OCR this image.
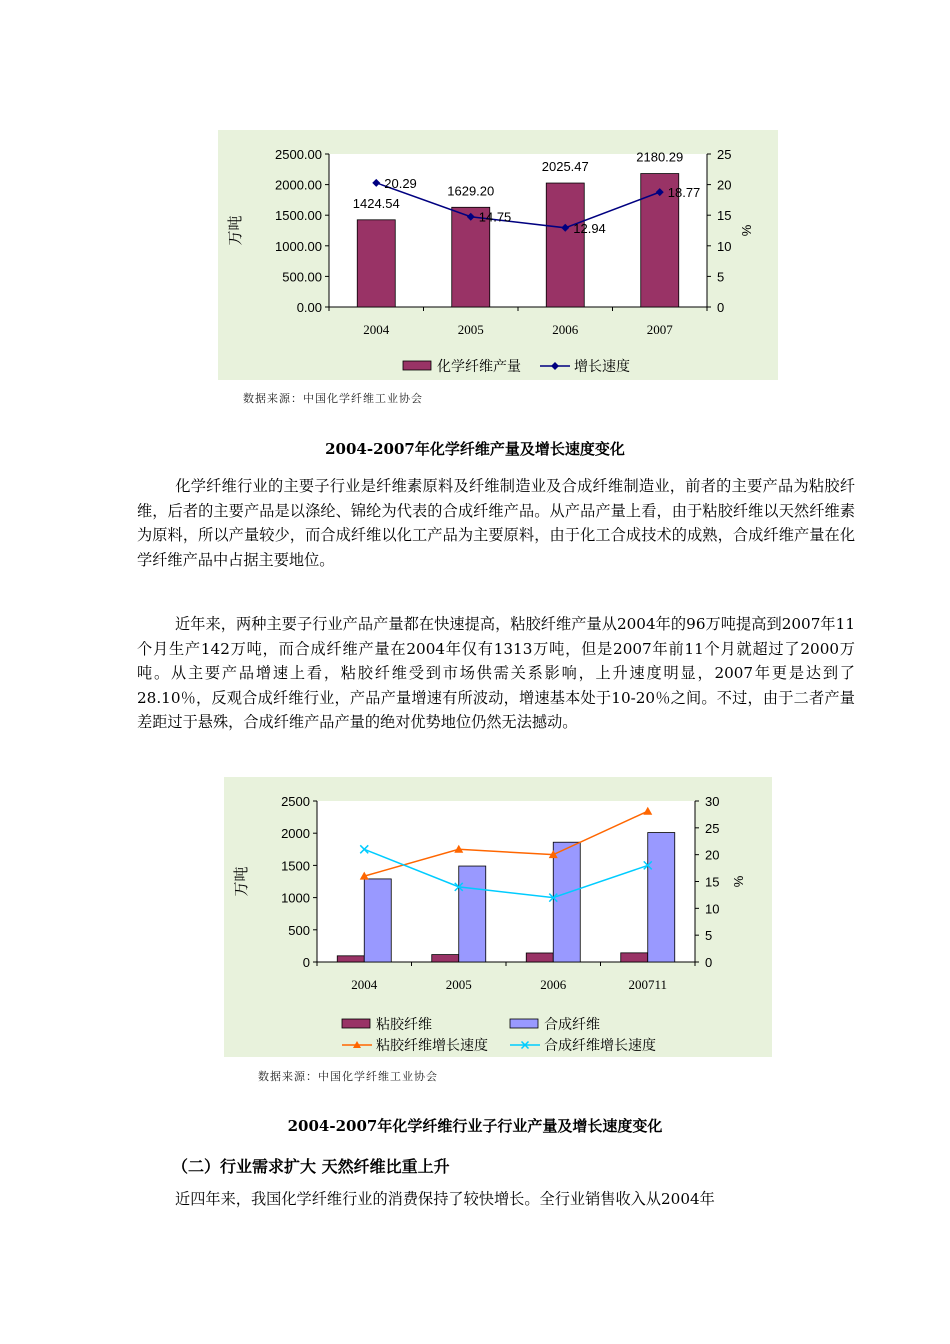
0.00
500.00
1000.00
1500.00
2000.00
2500.00
0
5
10
15
20
25
2004	2005	2006	2007
万吨	%
1424.54
1629.20
2025.47
2180.29
20.29
14.75
12.94
18.77
化学纤维产量	增长速度
数据来源：中国化学纤维工业协会
2004-2007年化学纤维产量及增长速度变化

化学纤维行业的主要子行业是纤维素原料及纤维制造业及合成纤维制造业，前者的主要产品为粘胶纤维，后者的主要产品是以涤纶、锦纶为代表的合成纤维产品。从产品产量上看，由于粘胶纤维以天然纤维素为原料，所以产量较少，而合成纤维以化工产品为主要原料，由于化工合成技术的成熟，合成纤维产量在化学纤维产品中占据主要地位。

近年来，两种主要子行业产品产量都在快速提高，粘胶纤维产量从2004年的96万吨提高到2007年11个月生产142万吨，而合成纤维产量在2004年仅有1313万吨，但是2007年前11个月就超过了2000万吨。从主要产品增速上看，粘胶纤维受到市场供需关系影响，上升速度明显，2007年更是达到了28.10％，反观合成纤维行业，产品产量增速有所波动，增速基本处于10-20％之间。不过，由于二者产量差距过于悬殊，合成纤维产品产量的绝对优势地位仍然无法撼动。

0
500
1000
1500
2000
2500
0
5
10
15
20
25
30
2004	2005	2006	200711
万吨	%
粘胶纤维	合成纤维
粘胶纤维增长速度	合成纤维增长速度
数据来源：中国化学纤维工业协会
2004-2007年化学纤维行业子行业产量及增长速度变化
（二）行业需求扩大 天然纤维比重上升

近四年来，我国化学纤维行业的消费保持了较快增长。全行业销售收入从2004年
